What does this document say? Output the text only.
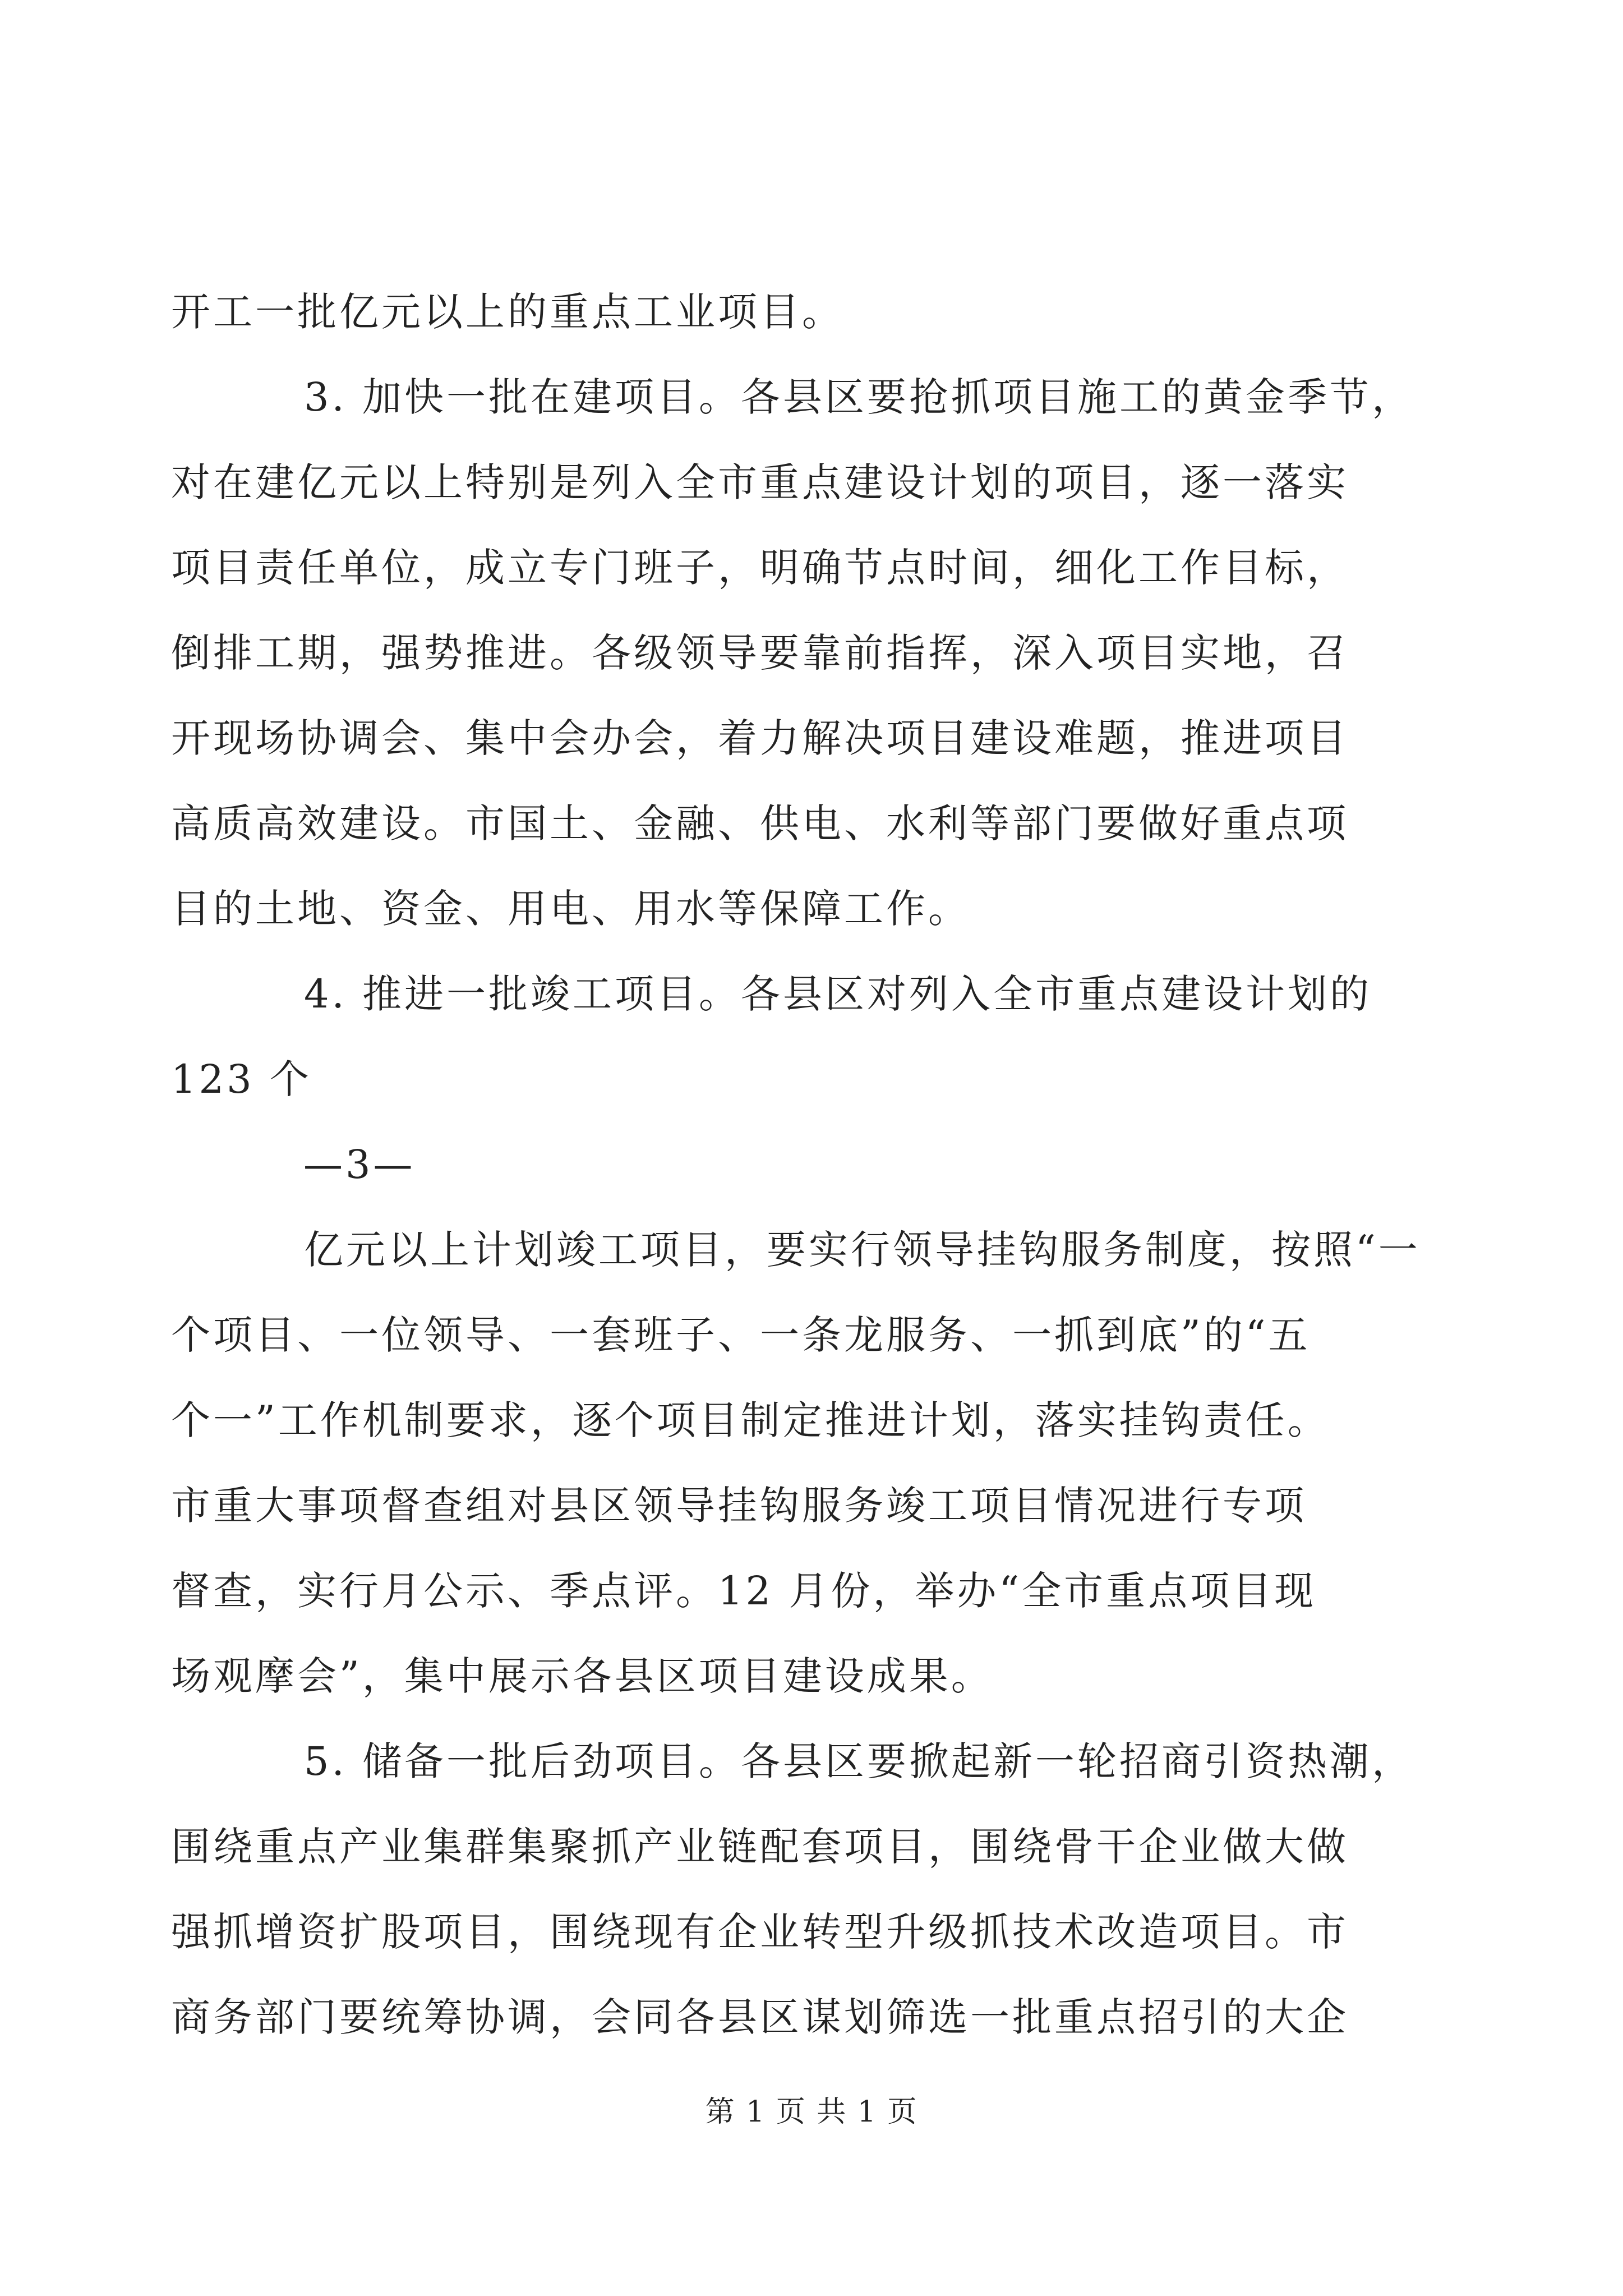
开工一批亿元以上的重点工业项目。
3. 加快一批在建项目。各县区要抢抓项目施工的黄金季节，
对在建亿元以上特别是列入全市重点建设计划的项目，逐一落实
项目责任单位，成立专门班子，明确节点时间，细化工作目标，
倒排工期，强势推进。各级领导要靠前指挥，深入项目实地，召
开现场协调会、集中会办会，着力解决项目建设难题，推进项目
高质高效建设。市国土、金融、供电、水利等部门要做好重点项
目的土地、资金、用电、用水等保障工作。
4. 推进一批竣工项目。各县区对列入全市重点建设计划的
123 个
—3—
亿元以上计划竣工项目，要实行领导挂钩服务制度，按照“一
个项目、一位领导、一套班子、一条龙服务、一抓到底”的“五
个一”工作机制要求，逐个项目制定推进计划，落实挂钩责任。
市重大事项督查组对县区领导挂钩服务竣工项目情况进行专项
督查，实行月公示、季点评。12 月份，举办“全市重点项目现
场观摩会”，集中展示各县区项目建设成果。
5. 储备一批后劲项目。各县区要掀起新一轮招商引资热潮，
围绕重点产业集群集聚抓产业链配套项目，围绕骨干企业做大做
强抓增资扩股项目，围绕现有企业转型升级抓技术改造项目。市
商务部门要统筹协调，会同各县区谋划筛选一批重点招引的大企
第 1 页 共 1 页
